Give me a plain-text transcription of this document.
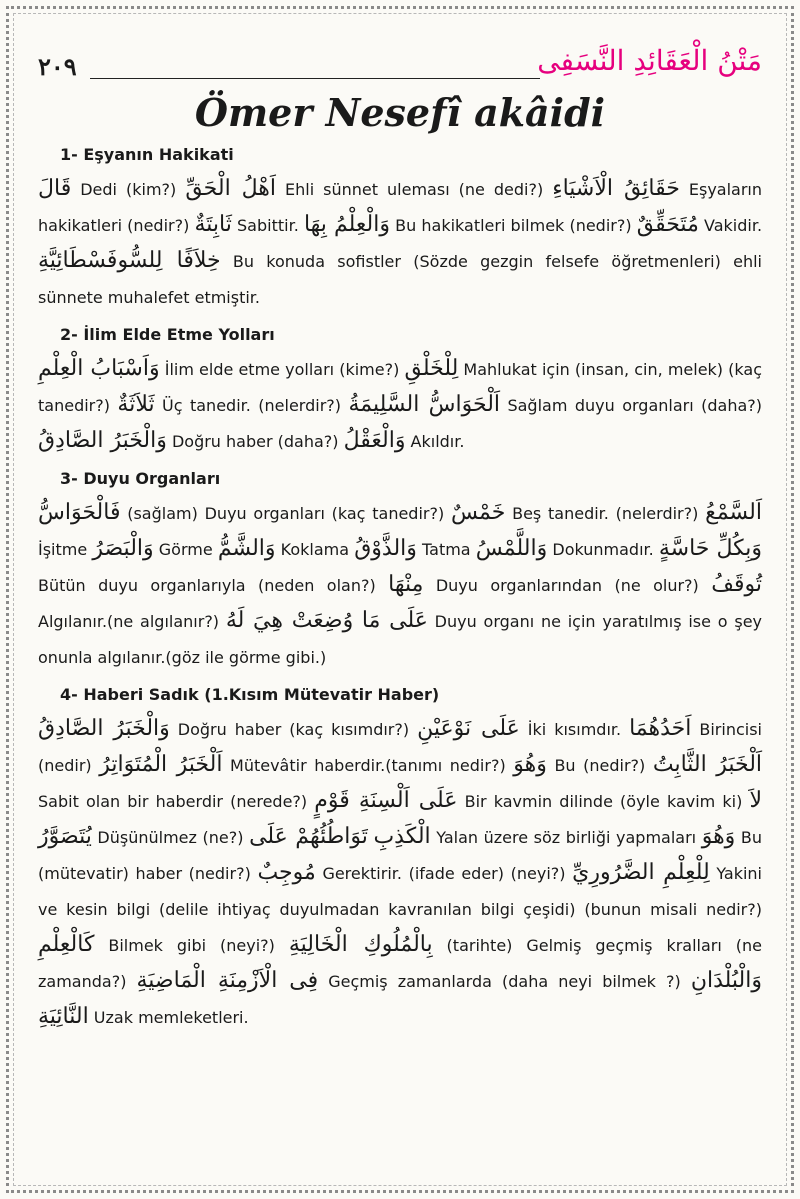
٢٠٩	مَتْنُ الْعَقَائِدِ النَّسَفِى
Ömer Nesefî akâidi
1- Eşyanın Hakikati

قَالَ Dedi (kim?) اَهْلُ الْحَقِّ Ehli sünnet uleması (ne dedi?) حَقَائِقُ الْاَشْيَاءِ Eşyaların hakikatleri (nedir?) ثَابِتَةٌ Sabittir. وَالْعِلْمُ بِهَا Bu hakikatleri bilmek (nedir?) مُتَحَقِّقٌ Vakidir. خِلاَفًا لِلسُّوفَسْطَائِيَّةِ Bu konuda sofistler (Sözde gezgin felsefe öğretmenleri) ehli sünnete muhalefet etmiştir.

2- İlim Elde Etme Yolları

وَاَسْبَابُ الْعِلْمِ İlim elde etme yolları (kime?) لِلْخَلْقِ Mahlukat için (insan, cin, melek) (kaç tanedir?) ثَلاَثَةٌ Üç tanedir. (nelerdir?) اَلْحَوَاسُّ السَّلِيمَةُ Sağlam duyu organları (daha?) وَالْخَبَرُ الصَّادِقُ Doğru haber (daha?) وَالْعَقْلُ Akıldır.

3- Duyu Organları

فَالْحَوَاسُّ (sağlam) Duyu organları (kaç tanedir?) خَمْسٌ Beş tanedir. (nelerdir?) اَلسَّمْعُ İşitme وَالْبَصَرُ Görme وَالشَّمُّ Koklama وَالذَّوْقُ Tatma وَاللَّمْسُ Dokunmadır. وَبِكُلِّ حَاسَّةٍ Bütün duyu organlarıyla (neden olan?) مِنْهَا Duyu organlarından (ne olur?) تُوقَفُ Algılanır.(ne algılanır?) عَلَى مَا وُضِعَتْ هِيَ لَهُ Duyu organı ne için yaratılmış ise o şey onunla algılanır.(göz ile görme gibi.)

4- Haberi Sadık (1.Kısım Mütevatir Haber)

وَالْخَبَرُ الصَّادِقُ Doğru haber (kaç kısımdır?) عَلَى نَوْعَيْنِ İki kısımdır. اَحَدُهُمَا Birincisi (nedir) اَلْخَبَرُ الْمُتَوَاتِرُ Mütevâtir haberdir.(tanımı nedir?) وَهُوَ Bu (nedir?) اَلْخَبَرُ الثَّابِتُ Sabit olan bir haberdir (nerede?) عَلَى اَلْسِنَةِ قَوْمٍ Bir kavmin dilinde (öyle kavim ki) لاَ يُتَصَوَّرُ Düşünülmez (ne?) تَوَاطُئُهُمْ عَلَى الْكَذِبِ Yalan üzere söz birliği yapmaları وَهُوَ Bu (mütevatir) haber (nedir?) مُوجِبٌ Gerektirir. (ifade eder) (neyi?) لِلْعِلْمِ الضَّرُورِيِّ Yakini ve kesin bilgi (delile ihtiyaç duyulmadan kavranılan bilgi çeşidi) (bunun misali nedir?) كَالْعِلْمِ Bilmek gibi (neyi?) بِالْمُلُوكِ الْخَالِيَةِ (tarihte) Gelmiş geçmiş kralları (ne zamanda?) فِى الْاَزْمِنَةِ الْمَاضِيَةِ Geçmiş zamanlarda (daha neyi bilmek ?) وَالْبُلْدَانِ النَّائِيَةِ Uzak memleketleri.
